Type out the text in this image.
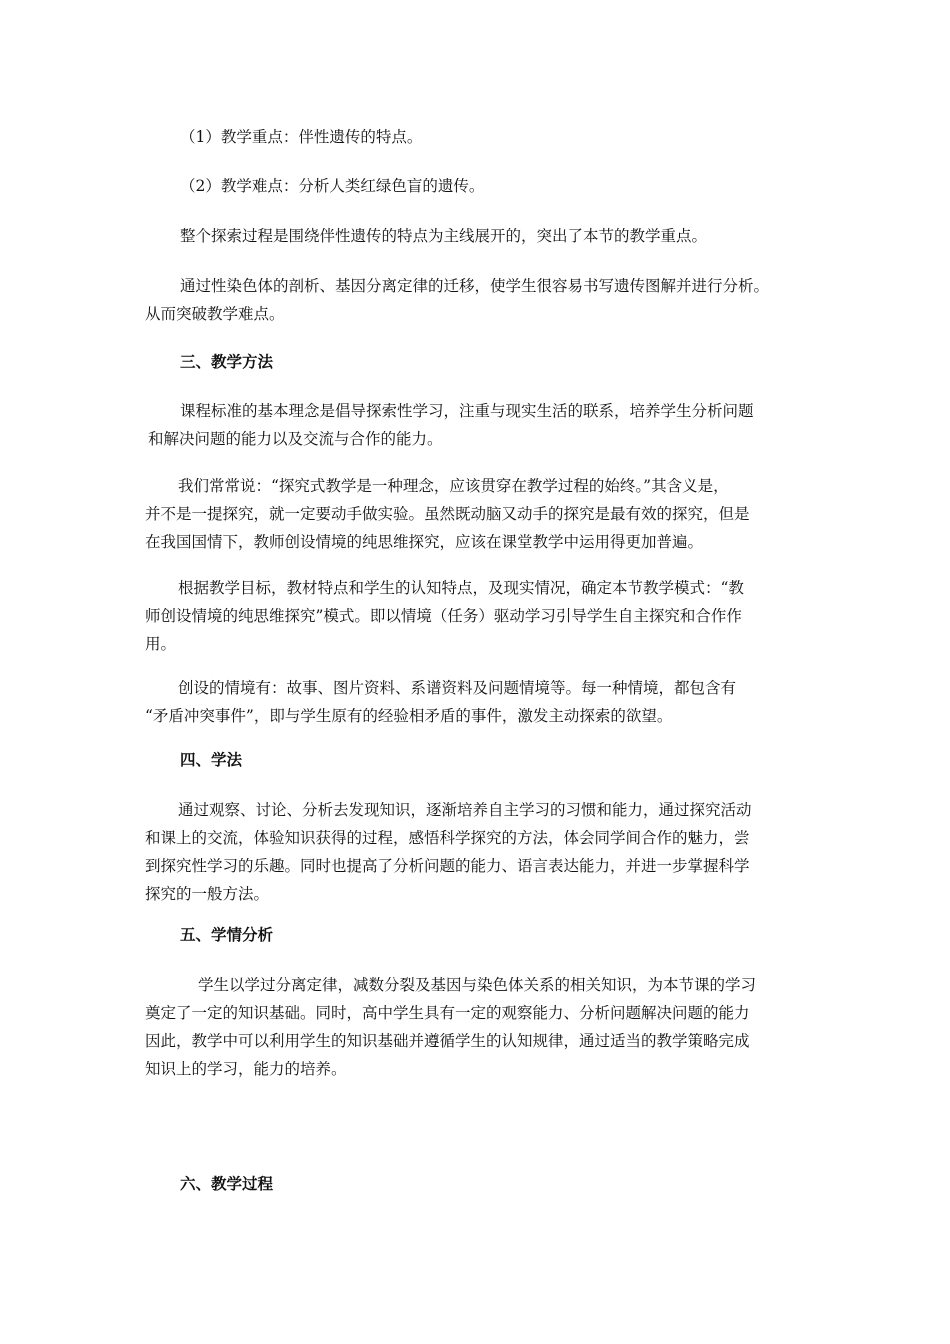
（1）教学重点：伴性遗传的特点。

（2）教学难点：分析人类红绿色盲的遗传。

整个探索过程是围绕伴性遗传的特点为主线展开的，突出了本节的教学重点。

通过性染色体的剖析、基因分离定律的迁移，使学生很容易书写遗传图解并进行分析。
从而突破教学难点。

三、教学方法

课程标准的基本理念是倡导探索性学习，注重与现实生活的联系，培养学生分析问题
和解决问题的能力以及交流与合作的能力。

我们常常说：“探究式教学是一种理念，应该贯穿在教学过程的始终。”其含义是，
并不是一提探究，就一定要动手做实验。虽然既动脑又动手的探究是最有效的探究，但是
在我国国情下，教师创设情境的纯思维探究，应该在课堂教学中运用得更加普遍。

根据教学目标，教材特点和学生的认知特点，及现实情况，确定本节教学模式：“教
师创设情境的纯思维探究”模式。即以情境（任务）驱动学习引导学生自主探究和合作作
用。

创设的情境有：故事、图片资料、系谱资料及问题情境等。每一种情境，都包含有
“矛盾冲突事件”，即与学生原有的经验相矛盾的事件，激发主动探索的欲望。

四、学法

通过观察、讨论、分析去发现知识，逐渐培养自主学习的习惯和能力，通过探究活动
和课上的交流，体验知识获得的过程，感悟科学探究的方法，体会同学间合作的魅力，尝
到探究性学习的乐趣。同时也提高了分析问题的能力、语言表达能力，并进一步掌握科学
探究的一般方法。

五、学情分析

学生以学过分离定律，减数分裂及基因与染色体关系的相关知识，为本节课的学习
奠定了一定的知识基础。同时，高中学生具有一定的观察能力、分析问题解决问题的能力
因此，教学中可以利用学生的知识基础并遵循学生的认知规律，通过适当的教学策略完成
知识上的学习，能力的培养。

六、教学过程
